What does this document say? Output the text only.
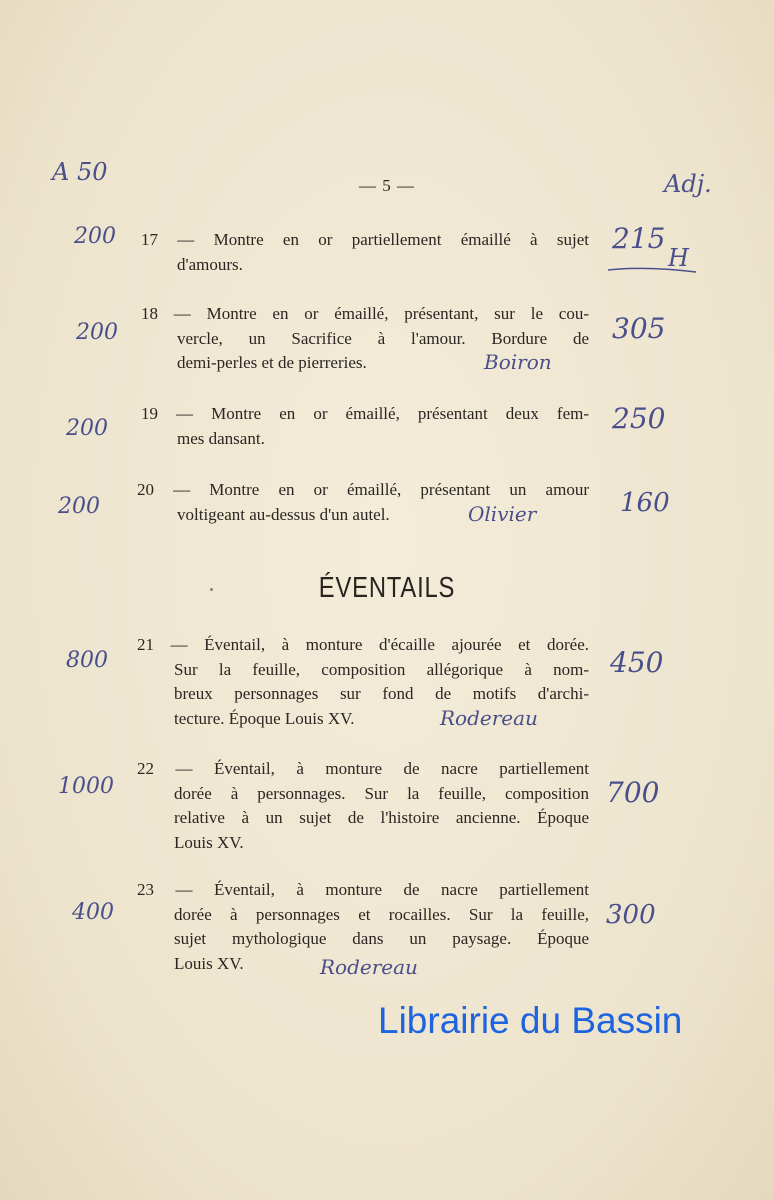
A 50	Adj.
— 5 —
17 — Montre en or partiellement émaillé à sujet
d'amours.
200	215
H
18 — Montre en or émaillé, présentant, sur le cou-
vercle, un Sacrifice à l'amour. Bordure de
demi-perles et de pierreries.
200	305
Boiron
19 — Montre en or émaillé, présentant deux fem-
mes dansant.
200	250
20 — Montre en or émaillé, présentant un amour
voltigeant au-dessus d'un autel.
200	160
Olivier
ÉVENTAILS
21 — Éventail, à monture d'écaille ajourée et dorée.
Sur la feuille, composition allégorique à nom-
breux personnages sur fond de motifs d'archi-
tecture. Époque Louis XV.
800	450
Rodereau
22 — Éventail, à monture de nacre partiellement
dorée à personnages. Sur la feuille, composition
relative à un sujet de l'histoire ancienne. Époque
Louis XV.
1000	700
23 — Éventail, à monture de nacre partiellement
dorée à personnages et rocailles. Sur la feuille,
sujet mythologique dans un paysage. Époque
Louis XV.
400	300
Rodereau
Librairie du Bassin
